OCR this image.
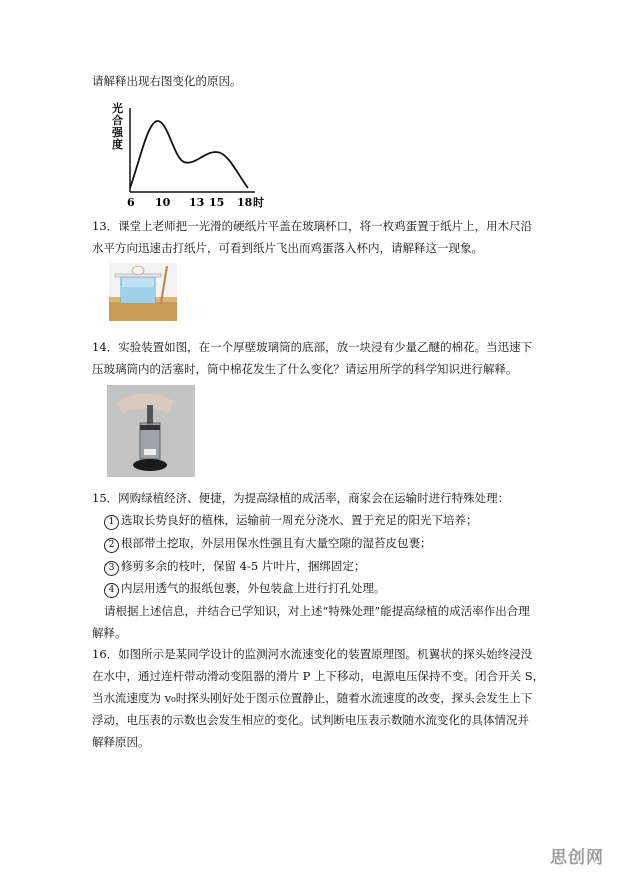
请解释出现右图变化的原因。
光
合
强
度
6 10 13 15 18 时
13．课堂上老师把一光滑的硬纸片平盖在玻璃杯口，将一枚鸡蛋置于纸片上，用木尺沿
水平方向迅速击打纸片，可看到纸片飞出而鸡蛋落入杯内，请解释这一现象。
14．实验装置如图，在一个厚壁玻璃筒的底部，放一块浸有少量乙醚的棉花。当迅速下
压玻璃筒内的活塞时，筒中棉花发生了什么变化？请运用所学的科学知识进行解释。
15．网购绿植经济、便捷，为提高绿植的成活率，商家会在运输时进行特殊处理：
1 选取长势良好的植株，运输前一周充分浇水、置于充足的阳光下培养；
2 根部带土挖取，外层用保水性强且有大量空隙的湿苔皮包裹；
3 修剪多余的枝叶，保留 4-5 片叶片，捆绑固定；
4 内层用透气的报纸包裹，外包装盒上进行打孔处理。
请根据上述信息，并结合已学知识，对上述“特殊处理”能提高绿植的成活率作出合理
解释。
16．如图所示是某同学设计的监测河水流速变化的装置原理图。机翼状的探头始终浸没
在水中，通过连杆带动滑动变阻器的滑片 P 上下移动，电源电压保持不变。闭合开关 S，
当水流速度为 v₀时探头刚好处于图示位置静止，随着水流速度的改变，探头会发生上下
浮动，电压表的示数也会发生相应的变化。试判断电压表示数随水流变化的具体情况并
解释原因。
思创网
